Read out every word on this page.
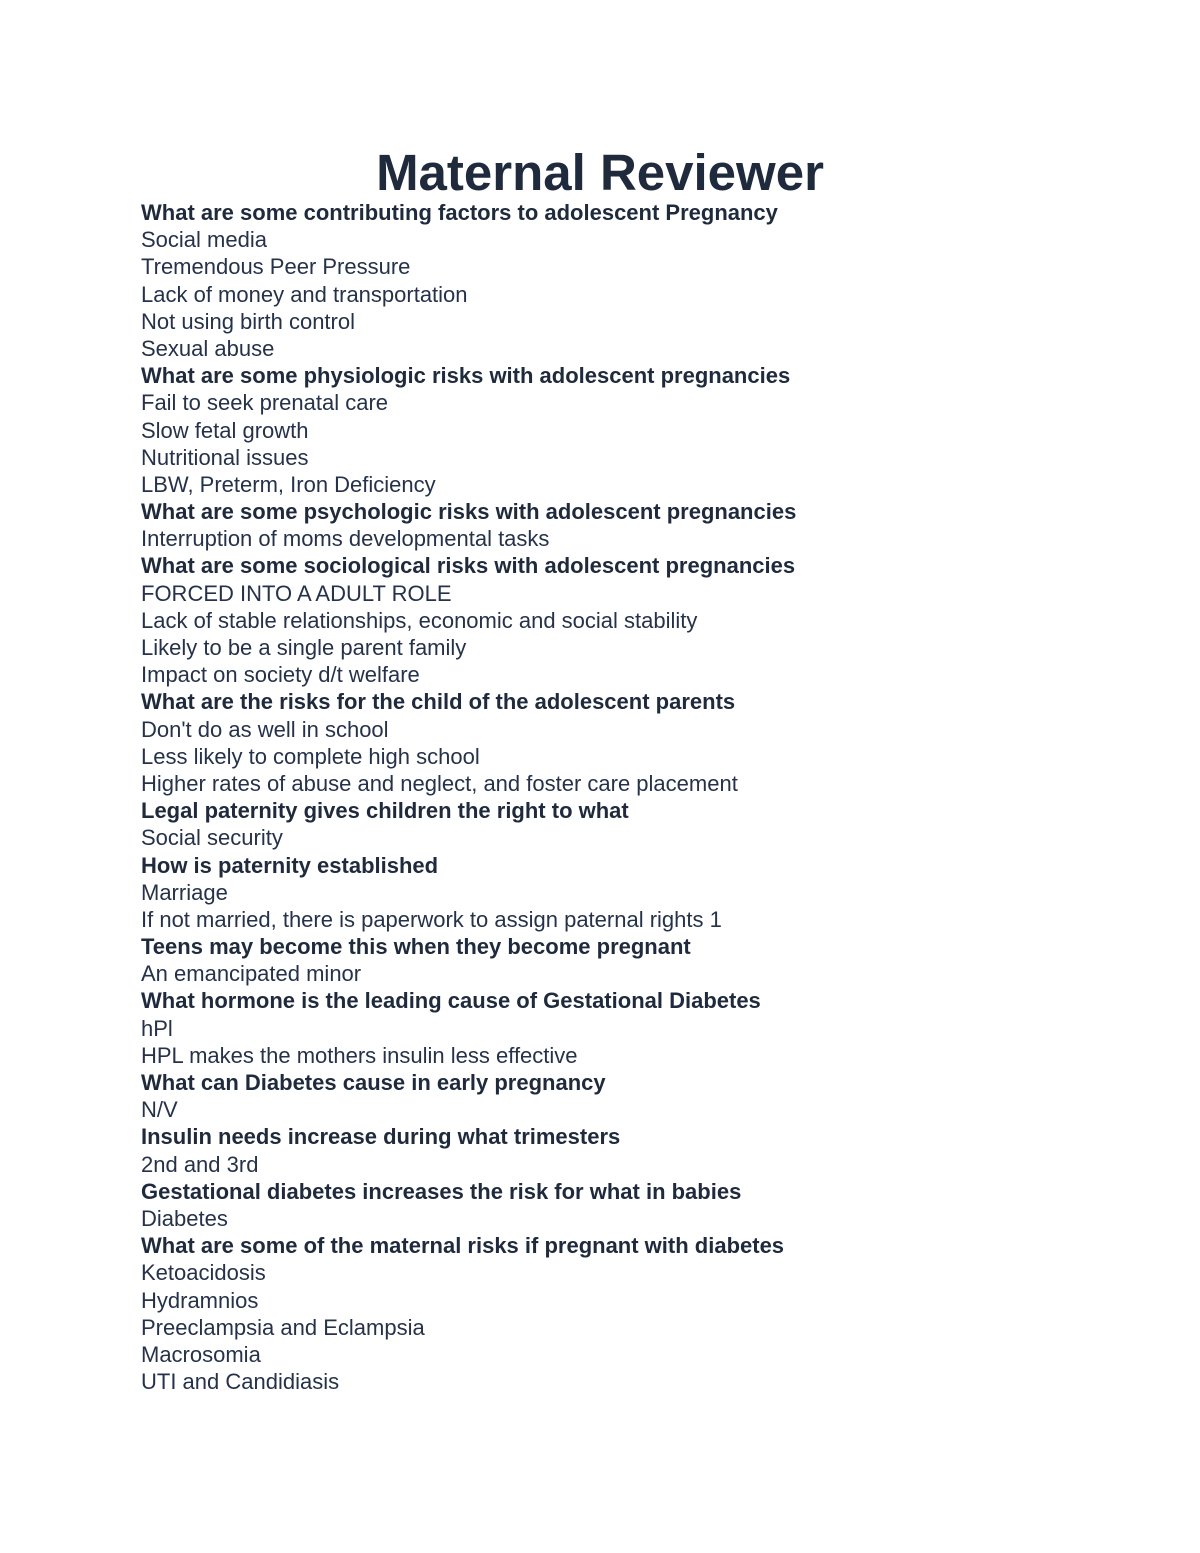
Maternal Reviewer

What are some contributing factors to adolescent Pregnancy

Social media

Tremendous Peer Pressure

Lack of money and transportation

Not using birth control

Sexual abuse

What are some physiologic risks with adolescent pregnancies

Fail to seek prenatal care

Slow fetal growth

Nutritional issues

LBW, Preterm, Iron Deficiency

What are some psychologic risks with adolescent pregnancies

Interruption of moms developmental tasks

What are some sociological risks with adolescent pregnancies

FORCED INTO A ADULT ROLE

Lack of stable relationships, economic and social stability

Likely to be a single parent family

Impact on society d/t welfare

What are the risks for the child of the adolescent parents

Don't do as well in school

Less likely to complete high school

Higher rates of abuse and neglect, and foster care placement

Legal paternity gives children the right to what

Social security

How is paternity established

Marriage

If not married, there is paperwork to assign paternal rights 1

Teens may become this when they become pregnant

An emancipated minor

What hormone is the leading cause of Gestational Diabetes

hPl

HPL makes the mothers insulin less effective

What can Diabetes cause in early pregnancy

N/V

Insulin needs increase during what trimesters

2nd and 3rd

Gestational diabetes increases the risk for what in babies

Diabetes

What are some of the maternal risks if pregnant with diabetes

Ketoacidosis

Hydramnios

Preeclampsia and Eclampsia

Macrosomia

UTI and Candidiasis
